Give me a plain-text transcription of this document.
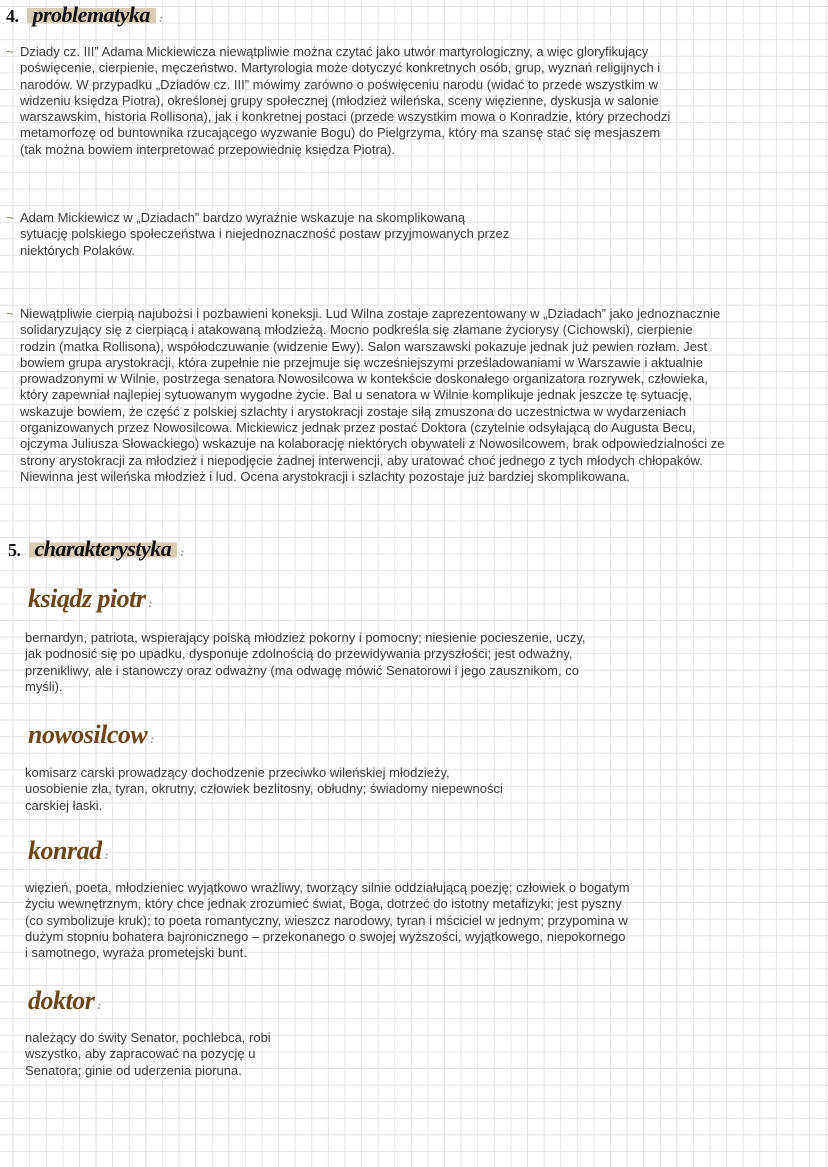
4. problematyka :
~ Dziady cz. III” Adama Mickiewicza niewątpliwie można czytać jako utwór martyrologiczny, a więc gloryfikujący poświęcenie, cierpienie, męczeństwo. Martyrologia może dotyczyć konkretnych osób, grup, wyznań religijnych i narodów. W przypadku „Dziadów cz. III” mówimy zarówno o poświęceniu narodu (widać to przede wszystkim w widzeniu księdza Piotra), określonej grupy społecznej (młodzież wileńska, sceny więzienne, dyskusja w salonie warszawskim, historia Rollisona), jak i konkretnej postaci (przede wszystkim mowa o Konradzie, który przechodzi metamorfozę od buntownika rzucającego wyzwanie Bogu) do Pielgrzyma, który ma szansę stać się mesjaszem (tak można bowiem interpretować przepowiednię księdza Piotra).
~ Adam Mickiewicz w „Dziadach” bardzo wyraźnie wskazuje na skomplikowaną sytuację polskiego społeczeństwa i niejednoznaczność postaw przyjmowanych przez niektórych Polaków.
~ Niewątpliwie cierpią najubożsi i pozbawieni koneksji. Lud Wilna zostaje zaprezentowany w „Dziadach” jako jednoznacznie solidaryzujący się z cierpiącą i atakowaną młodzieżą. Mocno podkreśla się złamane życiorysy (Cichowski), cierpienie rodzin (matka Rollisona), współodczuwanie (widzenie Ewy). Salon warszawski pokazuje jednak już pewien rozłam. Jest bowiem grupa arystokracji, która zupełnie nie przejmuje się wcześniejszymi prześladowaniami w Warszawie i aktualnie prowadzonymi w Wilnie, postrzega senatora Nowosilcowa w kontekście doskonałego organizatora rozrywek, człowieka, który zapewniał najlepiej sytuowanym wygodne życie. Bal u senatora w Wilnie komplikuje jednak jeszcze tę sytuację, wskazuje bowiem, że część z polskiej szlachty i arystokracji zostaje siłą zmuszona do uczestnictwa w wydarzeniach organizowanych przez Nowosilcowa. Mickiewicz jednak przez postać Doktora (czytelnie odsyłającą do Augusta Becu, ojczyma Juliusza Słowackiego) wskazuje na kolaborację niektórych obywateli z Nowosilcowem, brak odpowiedzialności ze strony arystokracji za młodzież i niepodjęcie żadnej interwencji, aby uratować choć jednego z tych młodych chłopaków. Niewinna jest wileńska młodzież i lud. Ocena arystokracji i szlachty pozostaje już bardziej skomplikowana.
5. charakterystyka :
ksiądz piotr :
bernardyn, patriota, wspierający polską młodzież pokorny i pomocny; niesienie pocieszenie, uczy, jak podnosić się po upadku, dysponuje zdolnością do przewidywania przyszłości; jest odważny, przenikliwy, ale i stanowczy oraz odważny (ma odwagę mówić Senatorowi i jego zausznikom, co myśli).
nowosilcow :
komisarz carski prowadzący dochodzenie przeciwko wileńskiej młodzieży, uosobienie zła, tyran, okrutny, człowiek bezlitosny, obłudny; świadomy niepewności carskiej łaski.
konrad :
więzień, poeta, młodzieniec wyjątkowo wrażliwy, tworzący silnie oddziałującą poezję; człowiek o bogatym życiu wewnętrznym, który chce jednak zrozumieć świat, Boga, dotrzeć do istotny metafizyki; jest pyszny (co symbolizuje kruk); to poeta romantyczny, wieszcz narodowy, tyran i mściciel w jednym; przypomina w dużym stopniu bohatera bajronicznego – przekonanego o swojej wyższości, wyjątkowego, niepokornego i samotnego, wyraża prometejski bunt.
doktor :
należący do świty Senator, pochlebca, robi wszystko, aby zapracować na pozycję u Senatora; ginie od uderzenia pioruna.
